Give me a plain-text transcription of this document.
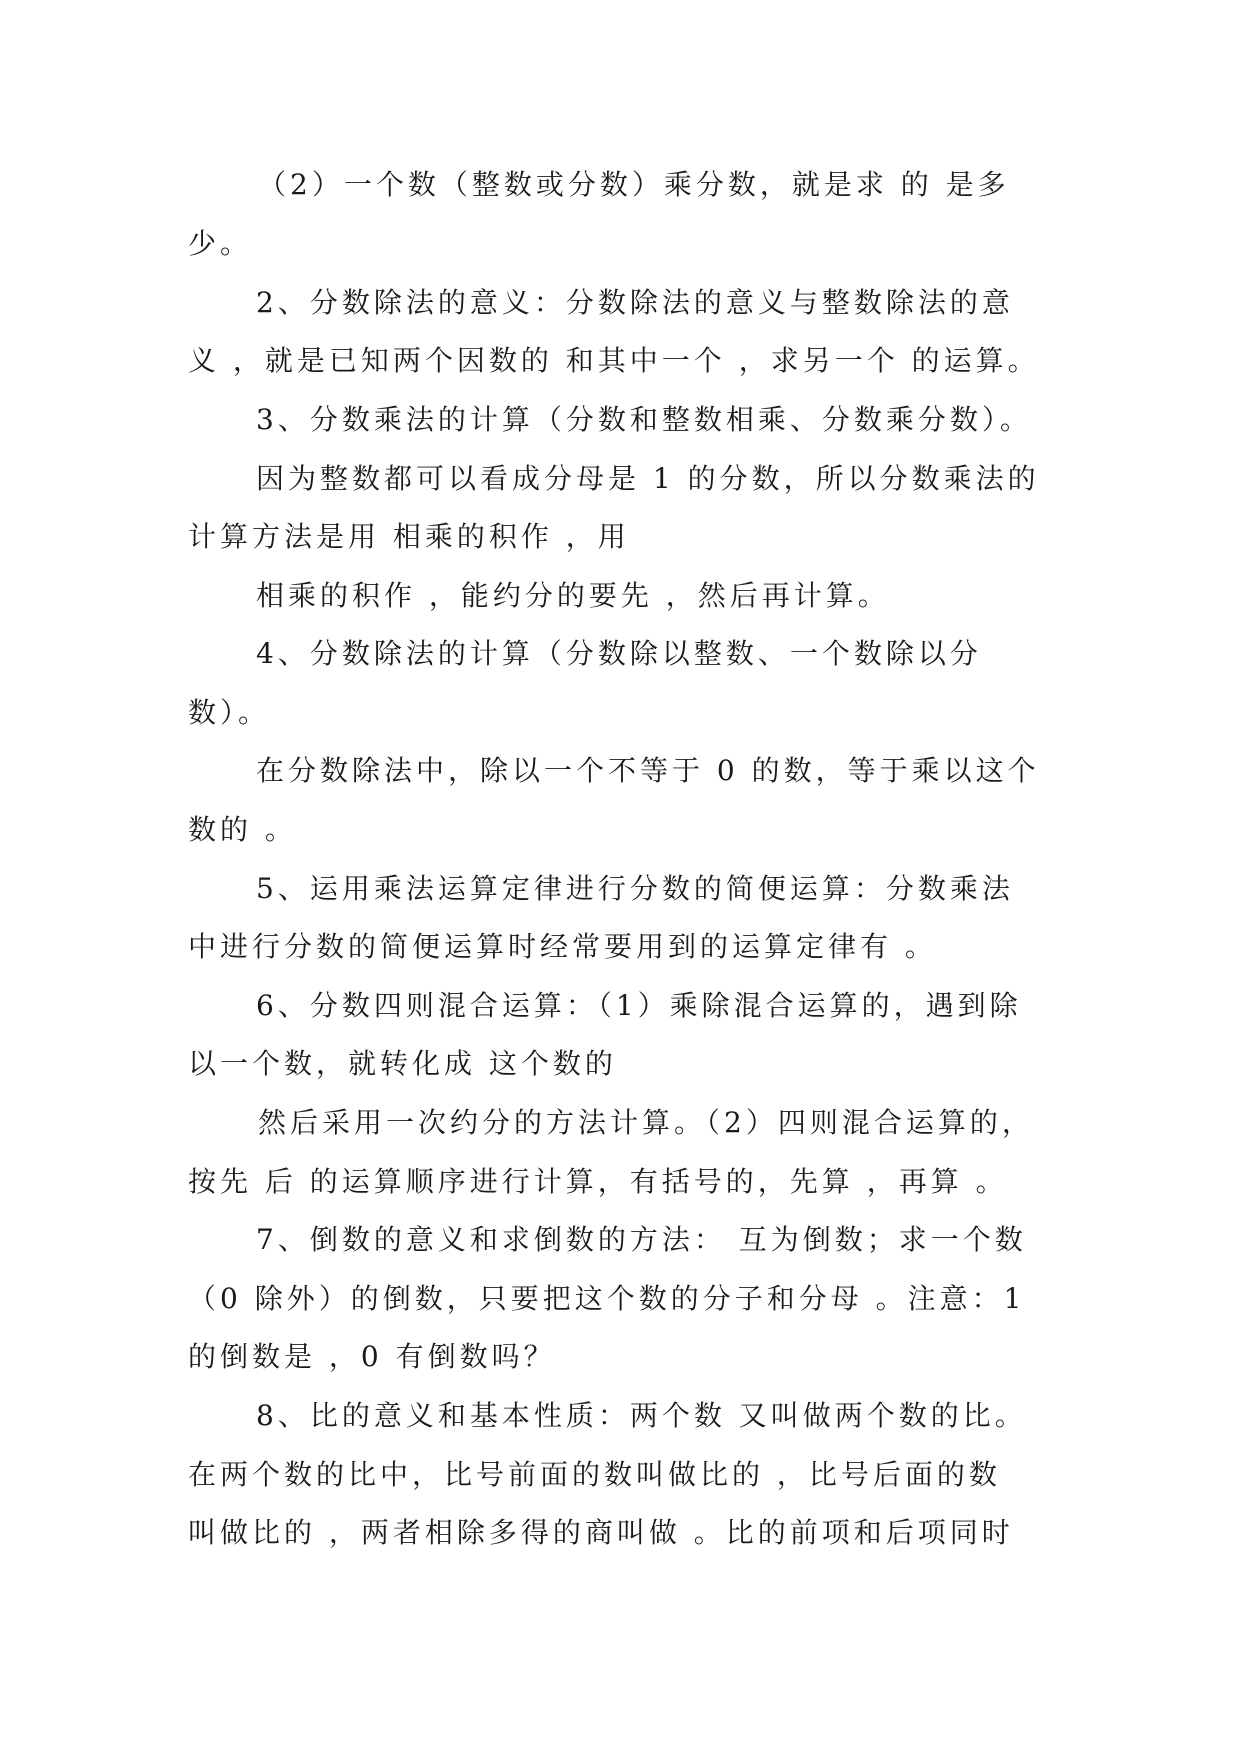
（2）一个数（整数或分数）乘分数，就是求 的 是多
少。
2、分数除法的意义：分数除法的意义与整数除法的意
义 ，就是已知两个因数的 和其中一个 ，求另一个 的运算。
3、分数乘法的计算（分数和整数相乘、分数乘分数）。
因为整数都可以看成分母是 1 的分数，所以分数乘法的
计算方法是用 相乘的积作 ，用
相乘的积作 ，能约分的要先 ，然后再计算。
4、分数除法的计算（分数除以整数、一个数除以分
数）。
在分数除法中，除以一个不等于 0 的数，等于乘以这个
数的 。
5、运用乘法运算定律进行分数的简便运算：分数乘法
中进行分数的简便运算时经常要用到的运算定律有 。
6、分数四则混合运算：（1）乘除混合运算的，遇到除
以一个数，就转化成 这个数的
然后采用一次约分的方法计算。（2）四则混合运算的，
按先 后 的运算顺序进行计算，有括号的，先算 ，再算 。
7、倒数的意义和求倒数的方法： 互为倒数；求一个数
（0 除外）的倒数，只要把这个数的分子和分母 。注意：1
的倒数是 ，0 有倒数吗？
8、比的意义和基本性质：两个数 又叫做两个数的比。
在两个数的比中，比号前面的数叫做比的 ，比号后面的数
叫做比的 ，两者相除多得的商叫做 。比的前项和后项同时
